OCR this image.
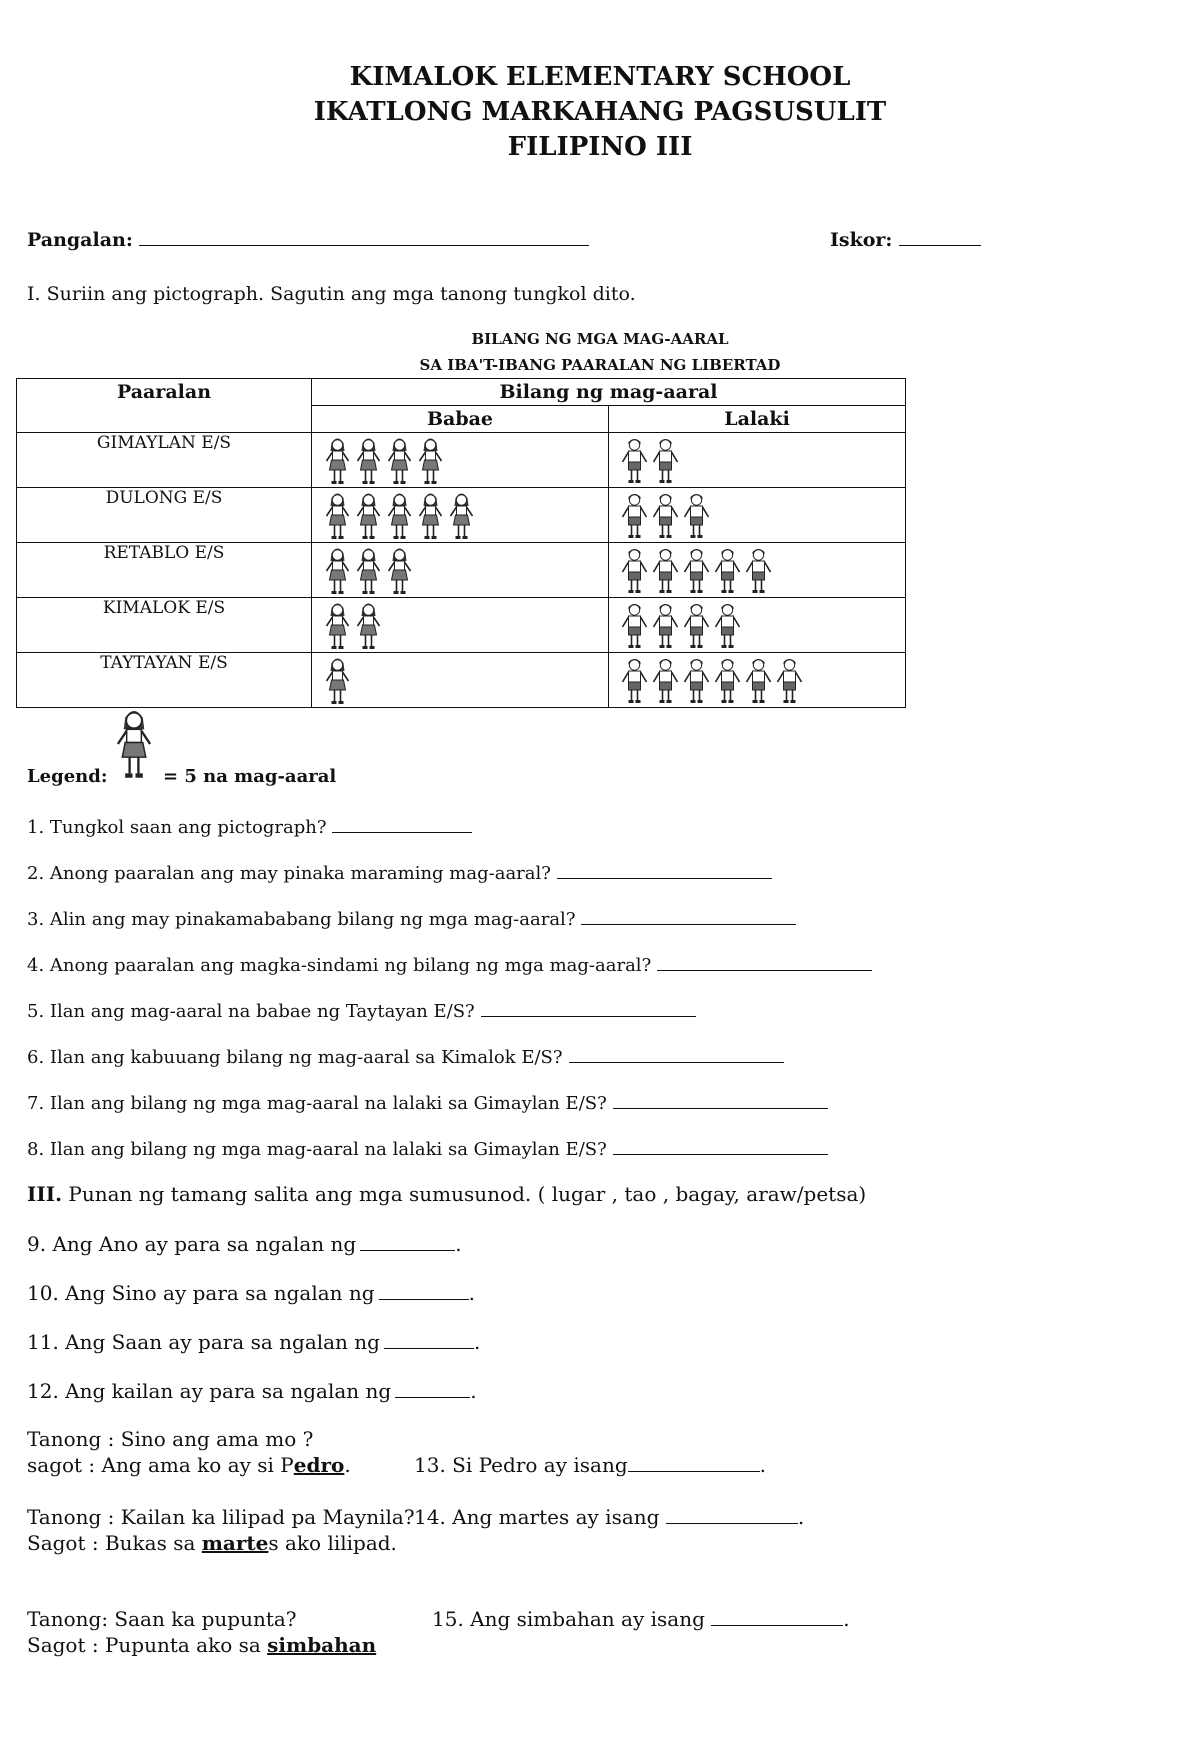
KIMALOK ELEMENTARY SCHOOL
IKATLONG MARKAHANG PAGSUSULIT
FILIPINO III
Pangalan:	Iskor:
I. Suriin ang pictograph. Sagutin ang mga tanong tungkol dito.
BILANG NG MGA MAG-AARAL
SA IBA'T-IBANG PAARALAN NG LIBERTAD
Paaralan	Bilang ng mag-aaral	
	Babae	Lalaki
GIMAYLAN E/S	

DULONG E/S	

RETABLO E/S	

KIMALOK E/S	

TAYTAYAN E/S	

Legend:	= 5 na mag-aaral
1. Tungkol saan ang pictograph?
2. Anong paaralan ang may pinaka maraming mag-aaral?
3. Alin ang may pinakamababang bilang ng mga mag-aaral?
4. Anong paaralan ang magka-sindami ng bilang ng mga mag-aaral?
5. Ilan ang mag-aaral na babae ng Taytayan E/S?
6. Ilan ang kabuuang bilang ng mag-aaral sa Kimalok E/S?
7. Ilan ang bilang ng mga mag-aaral na lalaki sa Gimaylan E/S?
8. Ilan ang bilang ng mga mag-aaral na lalaki sa Gimaylan E/S?
III. Punan ng tamang salita ang mga sumusunod. ( lugar , tao , bagay, araw/petsa)
9. Ang Ano ay para sa ngalan ng	.
10. Ang Sino ay para sa ngalan ng	.
11. Ang Saan ay para sa ngalan ng	.
12. Ang kailan ay para sa ngalan ng	.
Tanong : Sino ang ama mo ?
sagot : Ang ama ko ay si Pedro.	13. Si Pedro ay isang	.
Tanong : Kailan ka lilipad pa Maynila?
Sagot : Bukas sa martes ako lilipad.
14. Ang martes ay isang	.
Tanong: Saan ka pupunta?
Sagot : Pupunta ako sa simbahan
15. Ang simbahan ay isang	.
